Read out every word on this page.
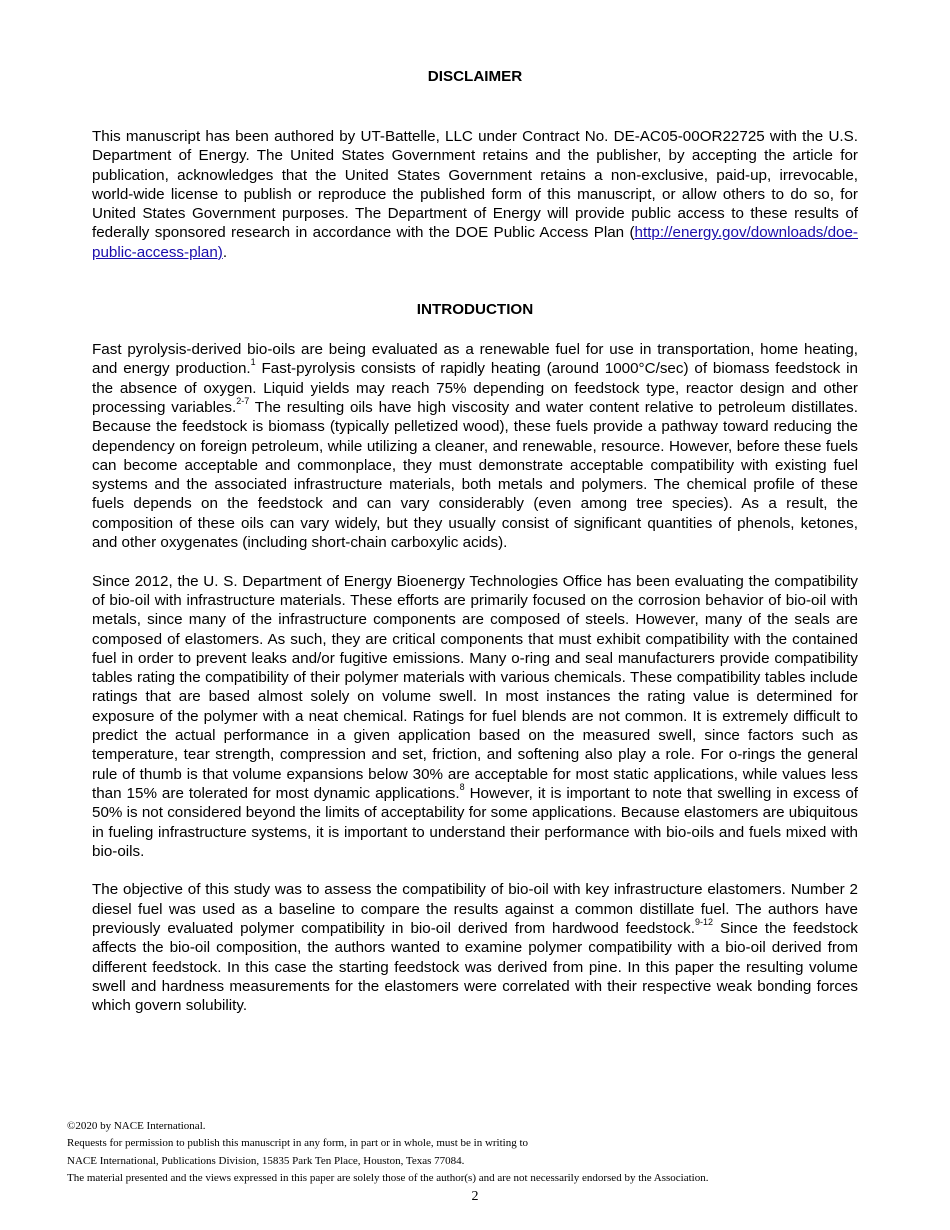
DISCLAIMER

This manuscript has been authored by UT-Battelle, LLC under Contract No. DE-AC05-00OR22725 with the U.S. Department of Energy. The United States Government retains and the publisher, by accepting the article for publication, acknowledges that the United States Government retains a non-exclusive, paid-up, irrevocable, world-wide license to publish or reproduce the published form of this manuscript, or allow others to do so, for United States Government purposes. The Department of Energy will provide public access to these results of federally sponsored research in accordance with the DOE Public Access Plan (http://energy.gov/downloads/doe-public-access-plan).

INTRODUCTION

Fast pyrolysis-derived bio-oils are being evaluated as a renewable fuel for use in transportation, home heating, and energy production.$^1$ Fast-pyrolysis consists of rapidly heating (around 1000°C/sec) of biomass feedstock in the absence of oxygen. Liquid yields may reach 75% depending on feedstock type, reactor design and other processing variables.$^{2-7}$ The resulting oils have high viscosity and water content relative to petroleum distillates. Because the feedstock is biomass (typically pelletized wood), these fuels provide a pathway toward reducing the dependency on foreign petroleum, while utilizing a cleaner, and renewable, resource. However, before these fuels can become acceptable and commonplace, they must demonstrate acceptable compatibility with existing fuel systems and the associated infrastructure materials, both metals and polymers. The chemical profile of these fuels depends on the feedstock and can vary considerably (even among tree species). As a result, the composition of these oils can vary widely, but they usually consist of significant quantities of phenols, ketones, and other oxygenates (including short-chain carboxylic acids).

Since 2012, the U. S. Department of Energy Bioenergy Technologies Office has been evaluating the compatibility of bio-oil with infrastructure materials. These efforts are primarily focused on the corrosion behavior of bio-oil with metals, since many of the infrastructure components are composed of steels. However, many of the seals are composed of elastomers. As such, they are critical components that must exhibit compatibility with the contained fuel in order to prevent leaks and/or fugitive emissions. Many o-ring and seal manufacturers provide compatibility tables rating the compatibility of their polymer materials with various chemicals. These compatibility tables include ratings that are based almost solely on volume swell. In most instances the rating value is determined for exposure of the polymer with a neat chemical. Ratings for fuel blends are not common. It is extremely difficult to predict the actual performance in a given application based on the measured swell, since factors such as temperature, tear strength, compression and set, friction, and softening also play a role. For o-rings the general rule of thumb is that volume expansions below 30% are acceptable for most static applications, while values less than 15% are tolerated for most dynamic applications.$^8$ However, it is important to note that swelling in excess of 50% is not considered beyond the limits of acceptability for some applications. Because elastomers are ubiquitous in fueling infrastructure systems, it is important to understand their performance with bio-oils and fuels mixed with bio-oils.

The objective of this study was to assess the compatibility of bio-oil with key infrastructure elastomers. Number 2 diesel fuel was used as a baseline to compare the results against a common distillate fuel. The authors have previously evaluated polymer compatibility in bio-oil derived from hardwood feedstock.$^{9-12}$ Since the feedstock affects the bio-oil composition, the authors wanted to examine polymer compatibility with a bio-oil derived from different feedstock. In this case the starting feedstock was derived from pine. In this paper the resulting volume swell and hardness measurements for the elastomers were correlated with their respective weak bonding forces which govern solubility.

©2020 by NACE International.
Requests for permission to publish this manuscript in any form, in part or in whole, must be in writing to
NACE International, Publications Division, 15835 Park Ten Place, Houston, Texas 77084.
The material presented and the views expressed in this paper are solely those of the author(s) and are not necessarily endorsed by the Association.
2
